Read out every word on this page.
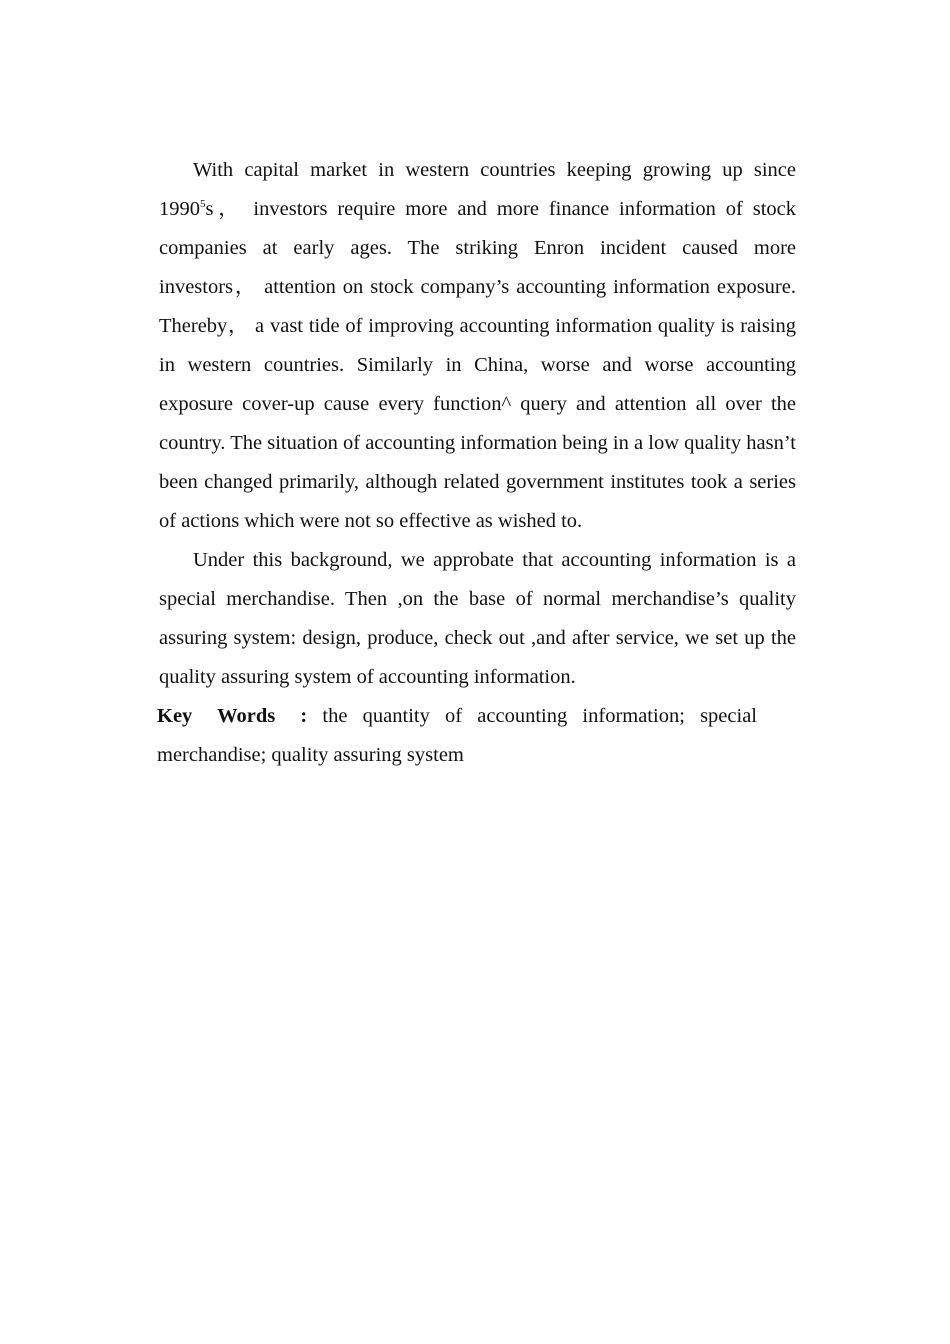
With capital market in western countries keeping growing up since 1990$^5$s， investors require more and more finance information of stock companies at early ages. The striking Enron incident caused more investors， attention on stock company’s accounting information exposure. Thereby， a vast tide of improving accounting information quality is raising in western countries. Similarly in China, worse and worse accounting exposure cover-up cause every function^ query and attention all over the country. The situation of accounting information being in a low quality hasn’t been changed primarily, although related government institutes took a series of actions which were not so effective as wished to.

Under this background, we approbate that accounting information is a special merchandise. Then ,on the base of normal merchandise’s quality assuring system: design, produce, check out ,and after service, we set up the quality assuring system of accounting information.

Key Words : the quantity of accounting information; special merchandise; quality assuring system
